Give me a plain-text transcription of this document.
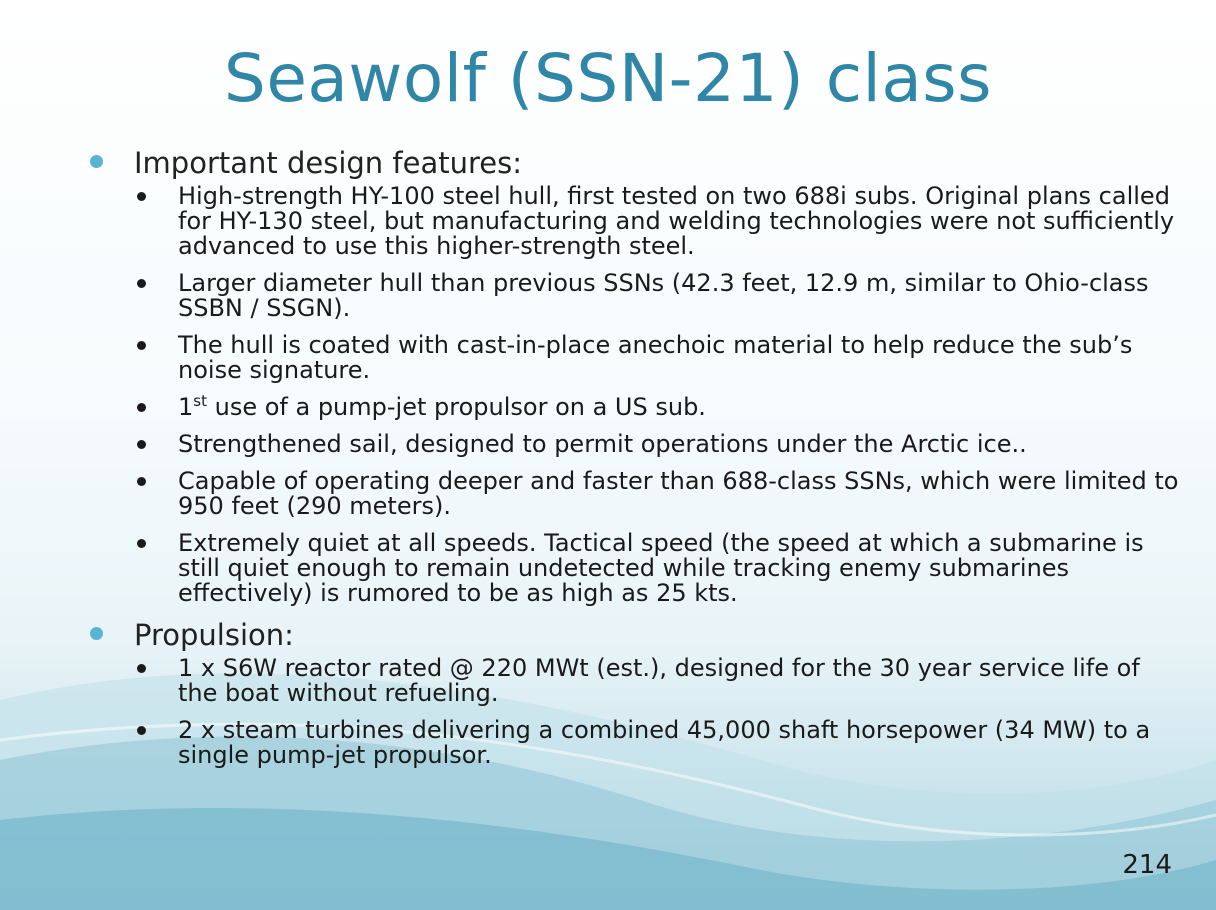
Seawolf (SSN-21) class
Important design features:
High-strength HY-100 steel hull, first tested on two 688i subs. Original plans called for HY-130 steel, but manufacturing and welding technologies were not sufficiently advanced to use this higher-strength steel.
Larger diameter hull than previous SSNs (42.3 feet, 12.9 m, similar to Ohio-class SSBN / SSGN).
The hull is coated with cast-in-place anechoic material to help reduce the sub’s noise signature.
1st use of a pump-jet propulsor on a US sub.
Strengthened sail, designed to permit operations under the Arctic ice..
Capable of operating deeper and faster than 688-class SSNs, which were limited to 950 feet (290 meters).
Extremely quiet at all speeds. Tactical speed (the speed at which a submarine is still quiet enough to remain undetected while tracking enemy submarines effectively) is rumored to be as high as 25 kts.
Propulsion:
1 x S6W reactor rated @ 220 MWt (est.), designed for the 30 year service life of the boat without refueling.
2 x steam turbines delivering a combined 45,000 shaft horsepower (34 MW) to a single pump-jet propulsor.
214
